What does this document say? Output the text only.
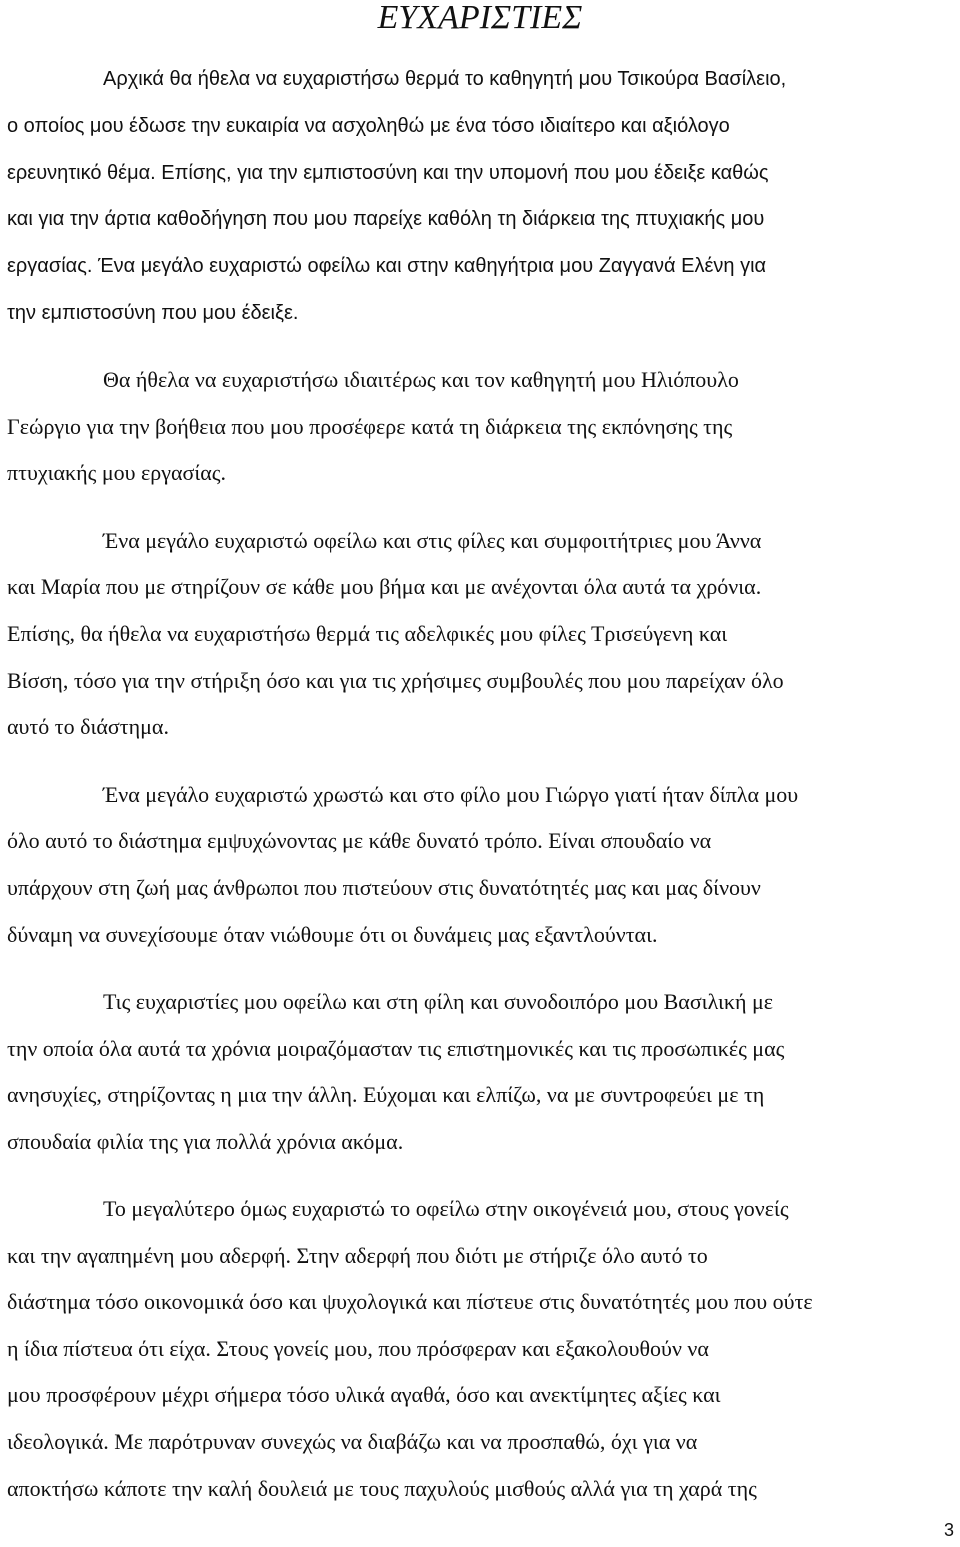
ΕΥΧΑΡΙΣΤΙΕΣ

Αρχικά θα ήθελα να ευχαριστήσω θερμά το καθηγητή μου Τσικούρα Βασίλειο,

ο οποίος μου έδωσε την ευκαιρία να ασχοληθώ με ένα τόσο ιδιαίτερο και αξιόλογο

ερευνητικό θέμα. Επίσης, για την εμπιστοσύνη και την υπομονή που μου έδειξε καθώς

και για την άρτια καθοδήγηση που μου παρείχε καθόλη τη διάρκεια της πτυχιακής μου

εργασίας. Ένα μεγάλο ευχαριστώ οφείλω και στην καθηγήτρια μου Ζαγγανά Ελένη για

την εμπιστοσύνη που μου έδειξε.

Θα ήθελα να ευχαριστήσω ιδιαιτέρως και τον καθηγητή μου Ηλιόπουλο

Γεώργιο για την βοήθεια που μου προσέφερε κατά τη διάρκεια της εκπόνησης της

πτυχιακής μου εργασίας.

Ένα μεγάλο ευχαριστώ οφείλω και στις φίλες και συμφοιτήτριες μου Άννα

και Μαρία που με στηρίζουν σε κάθε μου βήμα και με ανέχονται όλα αυτά τα χρόνια.

Επίσης, θα ήθελα να ευχαριστήσω θερμά τις αδελφικές μου φίλες Τρισεύγενη και

Βίσση, τόσο για την στήριξη όσο και για τις χρήσιμες συμβουλές που μου παρείχαν όλο

αυτό το διάστημα.

Ένα μεγάλο ευχαριστώ χρωστώ και στο φίλο μου Γιώργο γιατί ήταν δίπλα μου

όλο αυτό το διάστημα εμψυχώνοντας με κάθε δυνατό τρόπο. Είναι σπουδαίο να

υπάρχουν στη ζωή μας άνθρωποι που πιστεύουν στις δυνατότητές μας και μας δίνουν

δύναμη να συνεχίσουμε όταν νιώθουμε ότι οι δυνάμεις μας εξαντλούνται.

Τις ευχαριστίες μου οφείλω και στη φίλη και συνοδοιπόρο μου Βασιλική με

την οποία όλα αυτά τα χρόνια μοιραζόμασταν τις επιστημονικές και τις προσωπικές μας

ανησυχίες, στηρίζοντας η μια την άλλη. Εύχομαι και ελπίζω, να με συντροφεύει με τη

σπουδαία φιλία της για πολλά χρόνια ακόμα.

Το μεγαλύτερο όμως ευχαριστώ το οφείλω στην οικογένειά μου, στους γονείς

και την αγαπημένη μου αδερφή. Στην αδερφή που διότι με στήριζε όλο αυτό το

διάστημα τόσο οικονομικά όσο και ψυχολογικά και πίστευε στις δυνατότητές μου που ούτε

η ίδια πίστευα ότι είχα. Στους γονείς μου, που πρόσφεραν και εξακολουθούν να

μου προσφέρουν μέχρι σήμερα τόσο υλικά αγαθά, όσο και ανεκτίμητες αξίες και

ιδεολογικά. Με παρότρυναν συνεχώς να διαβάζω και να προσπαθώ, όχι για να

αποκτήσω κάποτε την καλή δουλειά με τους παχυλούς μισθούς αλλά για τη χαρά της

3
